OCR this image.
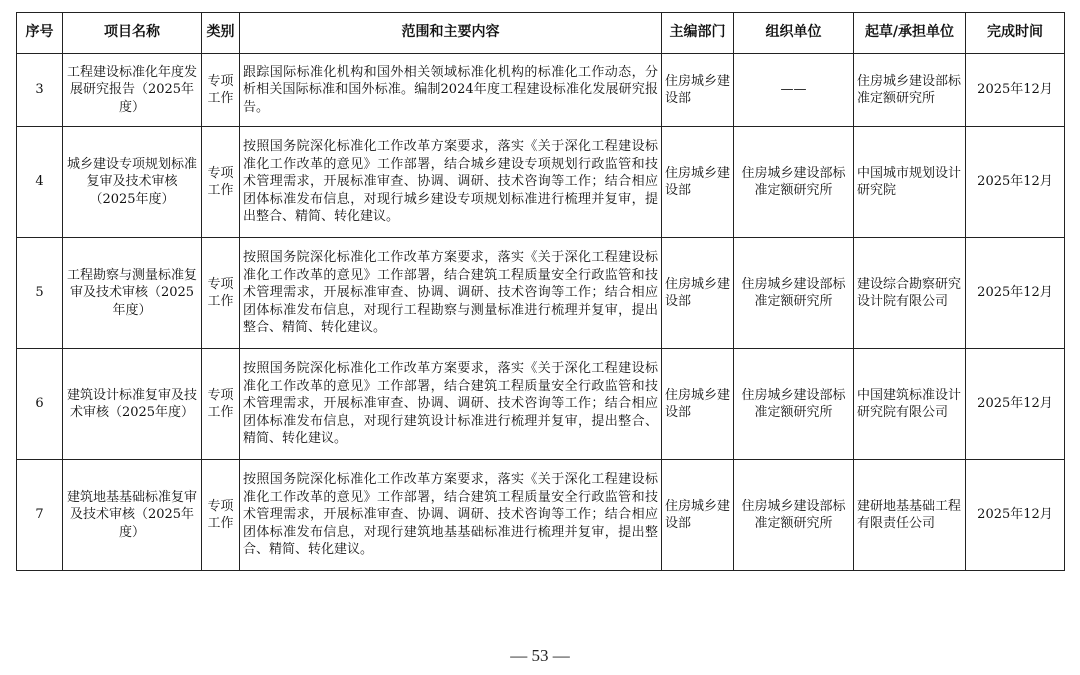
序号	项目名称	类别	范围和主要内容	主编部门	组织单位	起草/承担单位	完成时间
3	工程建设标准化年度发展研究报告（2025年度）	专项工作	跟踪国际标准化机构和国外相关领域标准化机构的标准化工作动态，分析相关国际标准和国外标准。编制2024年度工程建设标准化发展研究报告。	住房城乡建设部	——	住房城乡建设部标准定额研究所	2025年12月
4	城乡建设专项规划标准复审及技术审核（2025年度）	专项工作	按照国务院深化标准化工作改革方案要求，落实《关于深化工程建设标准化工作改革的意见》工作部署，结合城乡建设专项规划行政监管和技术管理需求，开展标准审查、协调、调研、技术咨询等工作；结合相应团体标准发布信息，对现行城乡建设专项规划标准进行梳理并复审，提出整合、精简、转化建议。	住房城乡建设部	住房城乡建设部标准定额研究所	中国城市规划设计研究院	2025年12月
5	工程勘察与测量标准复审及技术审核（2025年度）	专项工作	按照国务院深化标准化工作改革方案要求，落实《关于深化工程建设标准化工作改革的意见》工作部署，结合建筑工程质量安全行政监管和技术管理需求，开展标准审查、协调、调研、技术咨询等工作；结合相应团体标准发布信息，对现行工程勘察与测量标准进行梳理并复审，提出整合、精简、转化建议。	住房城乡建设部	住房城乡建设部标准定额研究所	建设综合勘察研究设计院有限公司	2025年12月
6	建筑设计标准复审及技术审核（2025年度）	专项工作	按照国务院深化标准化工作改革方案要求，落实《关于深化工程建设标准化工作改革的意见》工作部署，结合建筑工程质量安全行政监管和技术管理需求，开展标准审查、协调、调研、技术咨询等工作；结合相应团体标准发布信息，对现行建筑设计标准进行梳理并复审，提出整合、精简、转化建议。	住房城乡建设部	住房城乡建设部标准定额研究所	中国建筑标准设计研究院有限公司	2025年12月
7	建筑地基基础标准复审及技术审核（2025年度）	专项工作	按照国务院深化标准化工作改革方案要求，落实《关于深化工程建设标准化工作改革的意见》工作部署，结合建筑工程质量安全行政监管和技术管理需求，开展标准审查、协调、调研、技术咨询等工作；结合相应团体标准发布信息，对现行建筑地基基础标准进行梳理并复审，提出整合、精简、转化建议。	住房城乡建设部	住房城乡建设部标准定额研究所	建研地基基础工程有限责任公司	2025年12月
— 53 —
